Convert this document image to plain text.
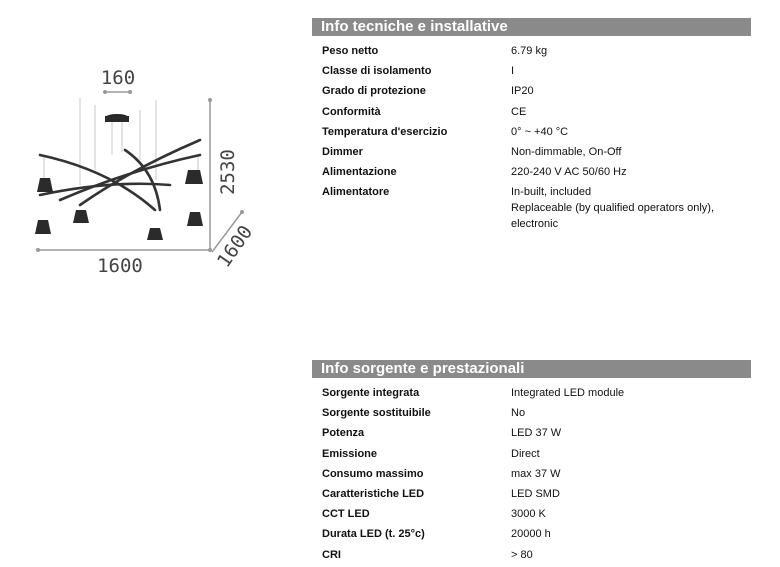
160
2530
1600	1600
Info tecniche e installative
Peso netto	6.79 kg
Classe di isolamento	I
Grado di protezione	IP20
Conformità	CE
Temperatura d'esercizio	0° ~ +40 °C
Dimmer	Non-dimmable, On-Off
Alimentazione	220-240 V AC 50/60 Hz
Alimentatore	In-built, included
Replaceable (by qualified operators only),
electronic
Info sorgente e prestazionali
Sorgente integrata	Integrated LED module
Sorgente sostituibile	No
Potenza	LED 37 W
Emissione	Direct
Consumo massimo	max 37 W
Caratteristiche LED	LED SMD
CCT LED	3000 K
Durata LED (t. 25°c)	20000 h
CRI	> 80
